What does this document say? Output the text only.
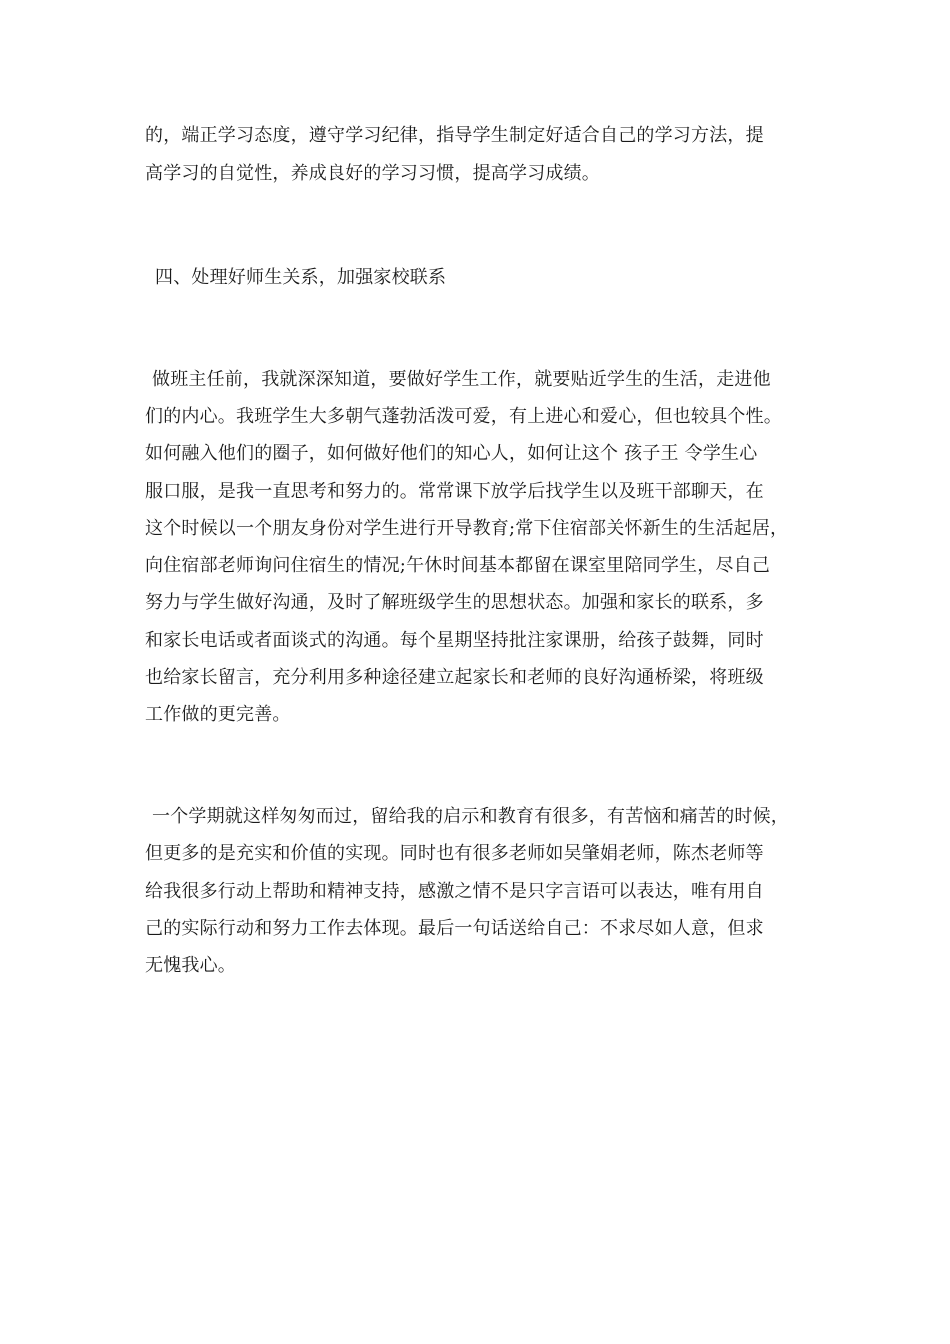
的，端正学习态度，遵守学习纪律，指导学生制定好适合自己的学习方法，提
高学习的自觉性，养成良好的学习习惯，提高学习成绩。
四、处理好师生关系，加强家校联系
做班主任前，我就深深知道，要做好学生工作，就要贴近学生的生活，走进他
们的内心。我班学生大多朝气蓬勃活泼可爱，有上进心和爱心，但也较具个性。
如何融入他们的圈子，如何做好他们的知心人，如何让这个 孩子王 令学生心
服口服，是我一直思考和努力的。常常课下放学后找学生以及班干部聊天，在
这个时候以一个朋友身份对学生进行开导教育;常下住宿部关怀新生的生活起居，
向住宿部老师询问住宿生的情况;午休时间基本都留在课室里陪同学生，尽自己
努力与学生做好沟通，及时了解班级学生的思想状态。加强和家长的联系，多
和家长电话或者面谈式的沟通。每个星期坚持批注家课册，给孩子鼓舞，同时
也给家长留言，充分利用多种途径建立起家长和老师的良好沟通桥梁，将班级
工作做的更完善。
一个学期就这样匆匆而过，留给我的启示和教育有很多，有苦恼和痛苦的时候，
但更多的是充实和价值的实现。同时也有很多老师如吴肇娟老师，陈杰老师等
给我很多行动上帮助和精神支持，感激之情不是只字言语可以表达，唯有用自
己的实际行动和努力工作去体现。最后一句话送给自己：不求尽如人意，但求
无愧我心。
